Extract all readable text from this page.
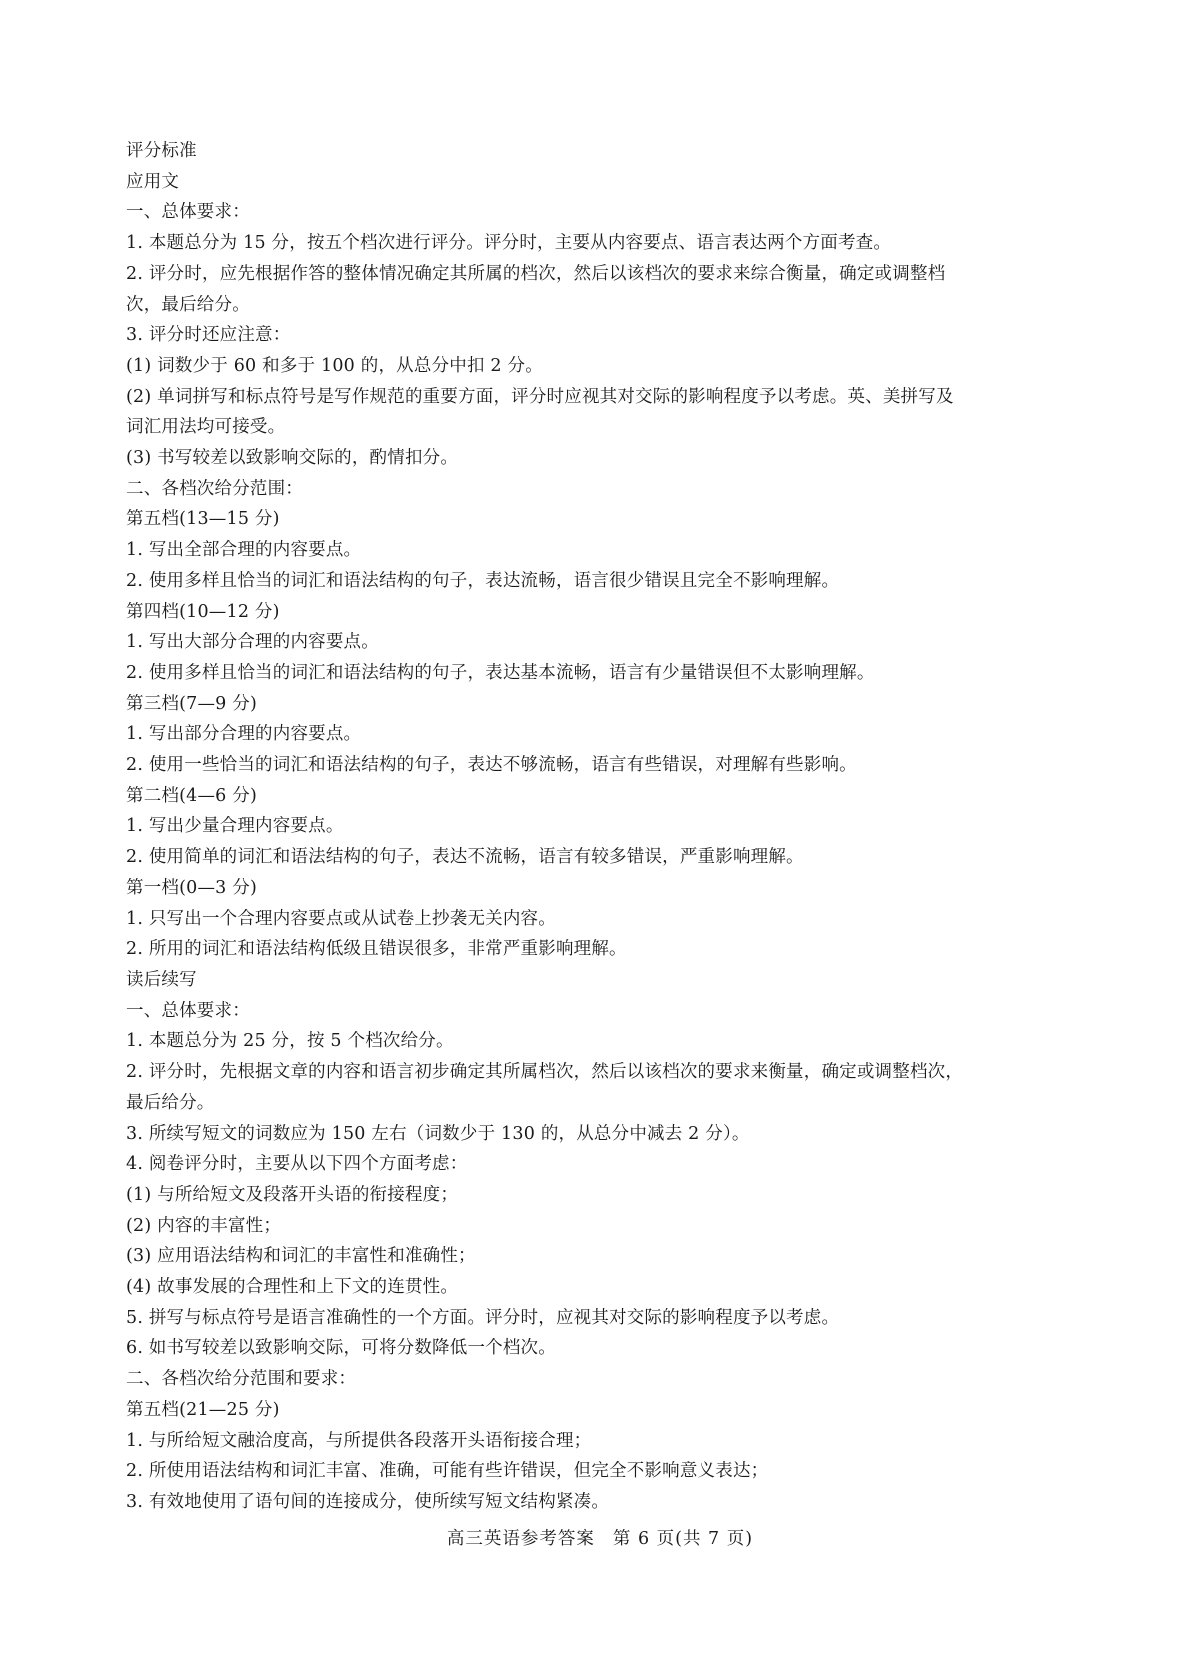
评分标准
应用文
一、总体要求：
1. 本题总分为 15 分，按五个档次进行评分。评分时，主要从内容要点、语言表达两个方面考查。
2. 评分时，应先根据作答的整体情况确定其所属的档次，然后以该档次的要求来综合衡量，确定或调整档
次，最后给分。
3. 评分时还应注意：
(1) 词数少于 60 和多于 100 的，从总分中扣 2 分。
(2) 单词拼写和标点符号是写作规范的重要方面，评分时应视其对交际的影响程度予以考虑。英、美拼写及
词汇用法均可接受。
(3) 书写较差以致影响交际的，酌情扣分。
二、各档次给分范围：
第五档(13—15 分)
1. 写出全部合理的内容要点。
2. 使用多样且恰当的词汇和语法结构的句子，表达流畅，语言很少错误且完全不影响理解。
第四档(10—12 分)
1. 写出大部分合理的内容要点。
2. 使用多样且恰当的词汇和语法结构的句子，表达基本流畅，语言有少量错误但不太影响理解。
第三档(7—9 分)
1. 写出部分合理的内容要点。
2. 使用一些恰当的词汇和语法结构的句子，表达不够流畅，语言有些错误，对理解有些影响。
第二档(4—6 分)
1. 写出少量合理内容要点。
2. 使用简单的词汇和语法结构的句子，表达不流畅，语言有较多错误，严重影响理解。
第一档(0—3 分)
1. 只写出一个合理内容要点或从试卷上抄袭无关内容。
2. 所用的词汇和语法结构低级且错误很多，非常严重影响理解。
读后续写
一、总体要求：
1. 本题总分为 25 分，按 5 个档次给分。
2. 评分时，先根据文章的内容和语言初步确定其所属档次，然后以该档次的要求来衡量，确定或调整档次，
最后给分。
3. 所续写短文的词数应为 150 左右（词数少于 130 的，从总分中减去 2 分）。
4. 阅卷评分时，主要从以下四个方面考虑：
(1) 与所给短文及段落开头语的衔接程度；
(2) 内容的丰富性；
(3) 应用语法结构和词汇的丰富性和准确性；
(4) 故事发展的合理性和上下文的连贯性。
5. 拼写与标点符号是语言准确性的一个方面。评分时，应视其对交际的影响程度予以考虑。
6. 如书写较差以致影响交际，可将分数降低一个档次。
二、各档次给分范围和要求：
第五档(21—25 分)
1. 与所给短文融洽度高，与所提供各段落开头语衔接合理；
2. 所使用语法结构和词汇丰富、准确，可能有些许错误，但完全不影响意义表达；
3. 有效地使用了语句间的连接成分，使所续写短文结构紧凑。
高三英语参考答案 第 6 页(共 7 页)
